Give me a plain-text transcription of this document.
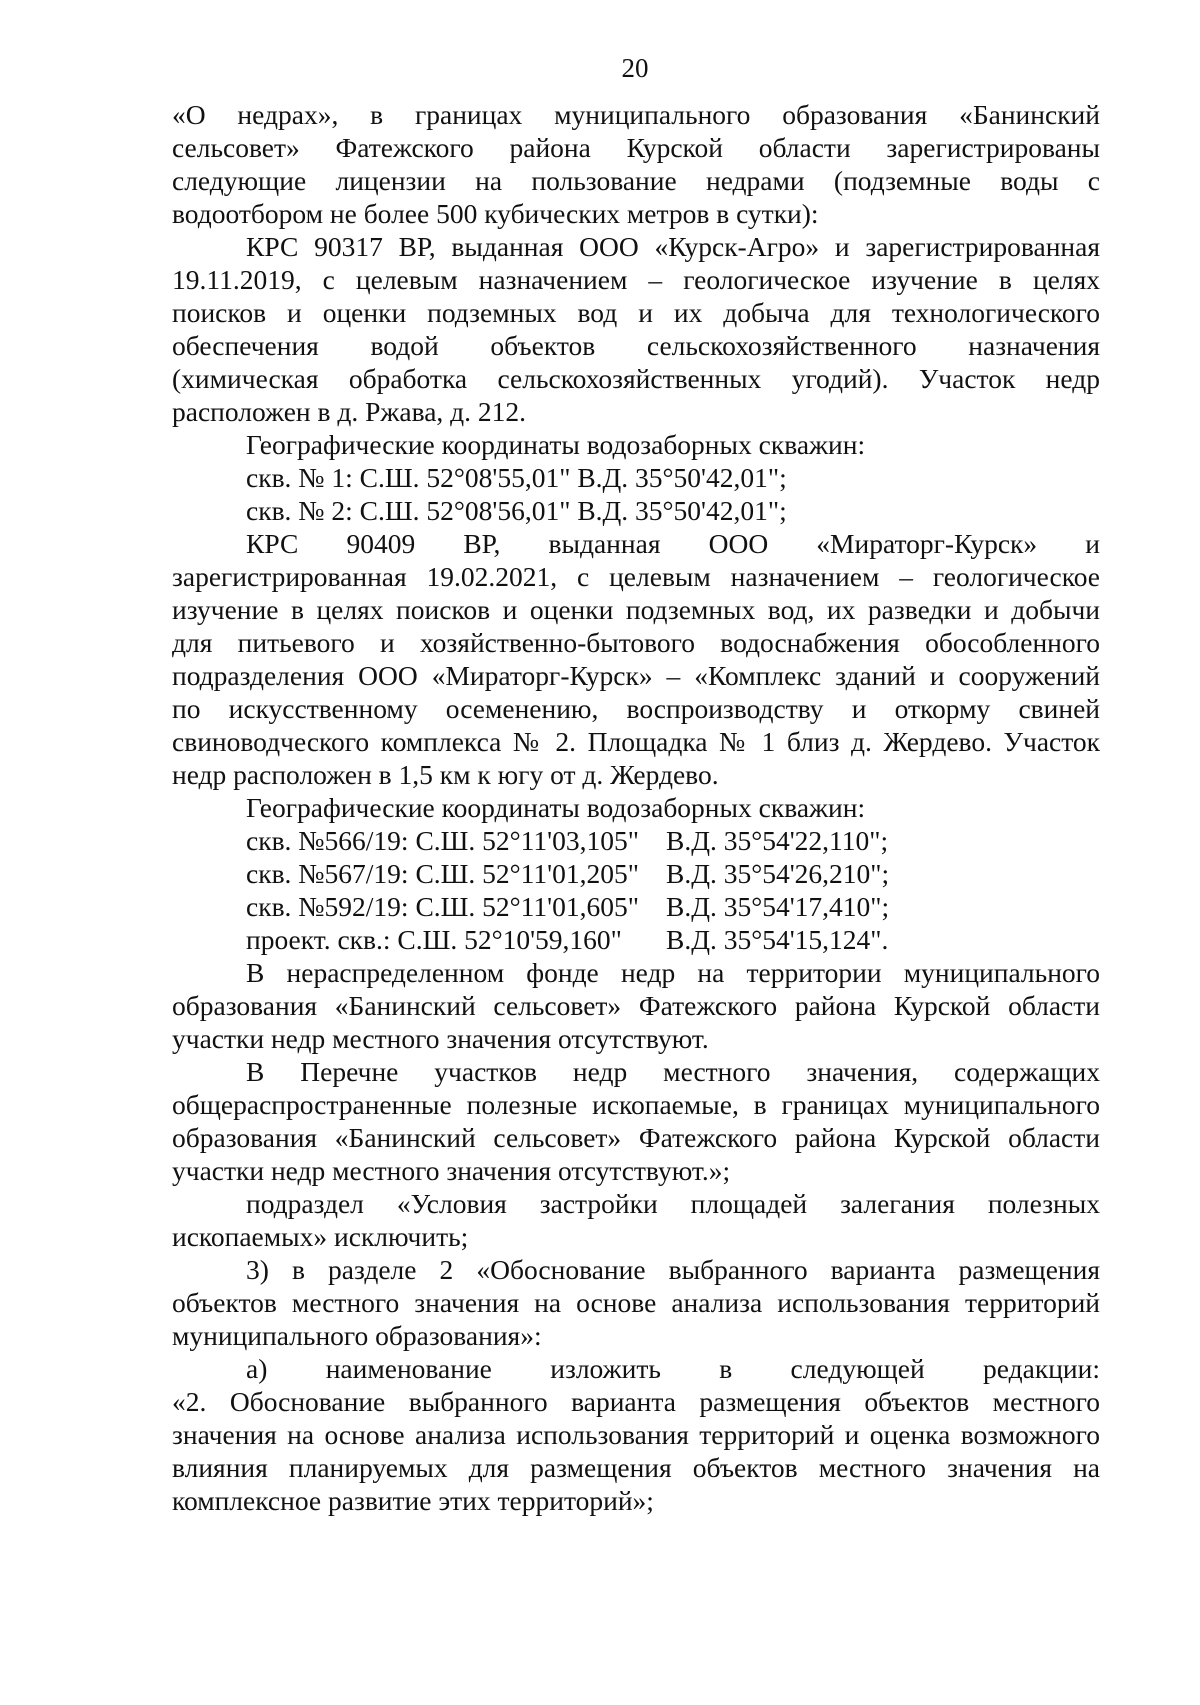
20
«О недрах», в границах муниципального образования «Банинский
сельсовет» Фатежского района Курской области зарегистрированы
следующие лицензии на пользование недрами (подземные воды с
водоотбором не более 500 кубических метров в сутки):
КРС 90317 ВР, выданная ООО «Курск-Агро» и зарегистрированная
19.11.2019, с целевым назначением – геологическое изучение в целях
поисков и оценки подземных вод и их добыча для технологического
обеспечения водой объектов сельскохозяйственного назначения
(химическая обработка сельскохозяйственных угодий). Участок недр
расположен в д. Ржава, д. 212.
Географические координаты водозаборных скважин:
скв. № 1: С.Ш. 52°08'55,01" В.Д. 35°50'42,01";
скв. № 2: С.Ш. 52°08'56,01" В.Д. 35°50'42,01";
КРС 90409 ВР, выданная ООО «Мираторг-Курск» и
зарегистрированная 19.02.2021, с целевым назначением – геологическое
изучение в целях поисков и оценки подземных вод, их разведки и добычи
для питьевого и хозяйственно-бытового водоснабжения обособленного
подразделения ООО «Мираторг-Курск» – «Комплекс зданий и сооружений
по искусственному осеменению, воспроизводству и откорму свиней
свиноводческого комплекса № 2. Площадка № 1 близ д. Жердево. Участок
недр расположен в 1,5 км к югу от д. Жердево.
Географические координаты водозаборных скважин:
скв. №566/19: С.Ш. 52°11'03,105" В.Д. 35°54'22,110";
скв. №567/19: С.Ш. 52°11'01,205" В.Д. 35°54'26,210";
скв. №592/19: С.Ш. 52°11'01,605" В.Д. 35°54'17,410";
проект. скв.: С.Ш. 52°10'59,160" В.Д. 35°54'15,124".
В нераспределенном фонде недр на территории муниципального
образования «Банинский сельсовет» Фатежского района Курской области
участки недр местного значения отсутствуют.
В Перечне участков недр местного значения, содержащих
общераспространенные полезные ископаемые, в границах муниципального
образования «Банинский сельсовет» Фатежского района Курской области
участки недр местного значения отсутствуют.»;
подраздел «Условия застройки площадей залегания полезных
ископаемых» исключить;
3) в разделе 2 «Обоснование выбранного варианта размещения
объектов местного значения на основе анализа использования территорий
муниципального образования»:
а) наименование изложить в следующей редакции:
«2. Обоснование выбранного варианта размещения объектов местного
значения на основе анализа использования территорий и оценка возможного
влияния планируемых для размещения объектов местного значения на
комплексное развитие этих территорий»;
